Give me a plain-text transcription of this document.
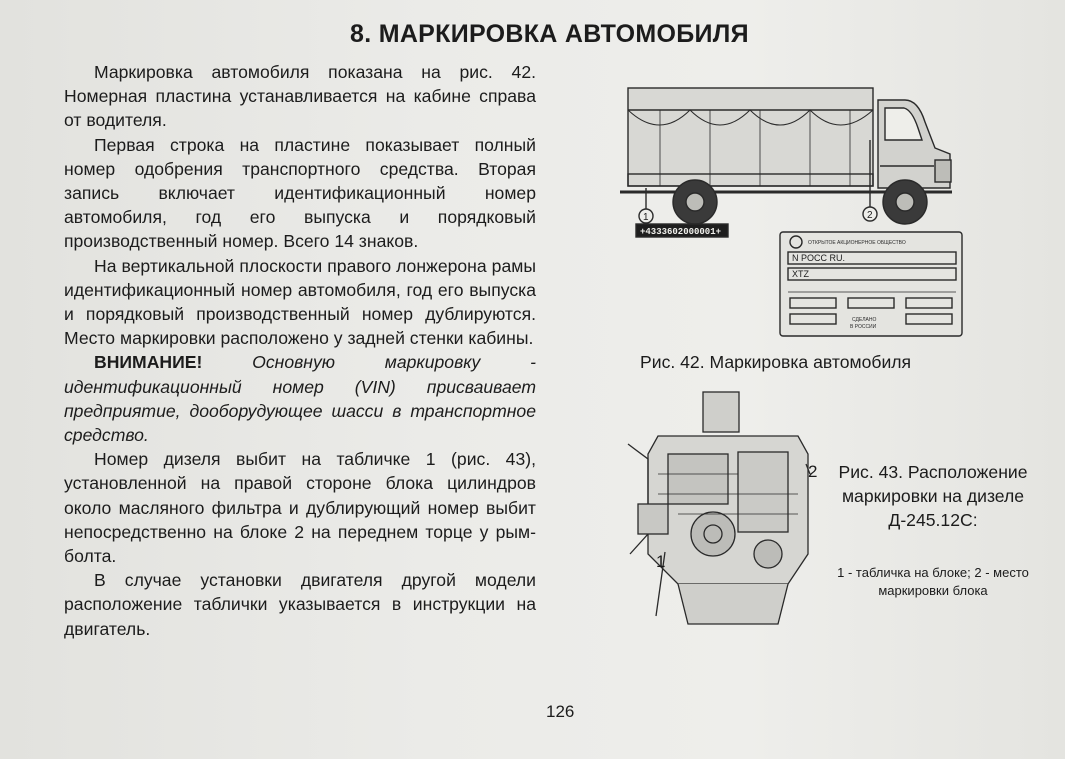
8. МАРКИРОВКА АВТОМОБИЛЯ

Маркировка автомобиля показана на рис. 42. Номерная пластина устанавливается на кабине справа от водителя.

Первая строка на пластине показывает полный номер одобрения транспортного средства. Вторая запись включает идентификационный номер автомобиля, год его выпуска и порядковый производственный номер. Всего 14 знаков.

На вертикальной плоскости правого лонжерона рамы идентификационный номер автомобиля, год его выпуска и порядковый производственный номер дублируются. Место маркировки расположено у задней стенки кабины.

ВНИМАНИЕ!	Основную маркировку - идентификационный номер (VIN) присваивает предприятие, дооборудующее шасси в транспортное средство.

Номер дизеля выбит на табличке 1 (рис. 43), установленной на правой стороне блока цилиндров около масляного фильтра и дублирующий номер выбит непосредственно на блоке 2 на переднем торце у рым-болта.

В случае установки двигателя другой модели расположение таблички указывается в инструкции на двигатель.

1	2
+4333602000001+
ОТКРЫТОЕ АКЦИОНЕРНОЕ ОБЩЕСТВО
N POCC RU.
XTZ
СДЕЛАНО
В РОССИИ
Рис. 42. Маркировка автомобиля
1
2	Рис. 43. Расположение маркировки на дизеле Д-245.12С:
1 - табличка на блоке; 2 - место маркировки блока
126
